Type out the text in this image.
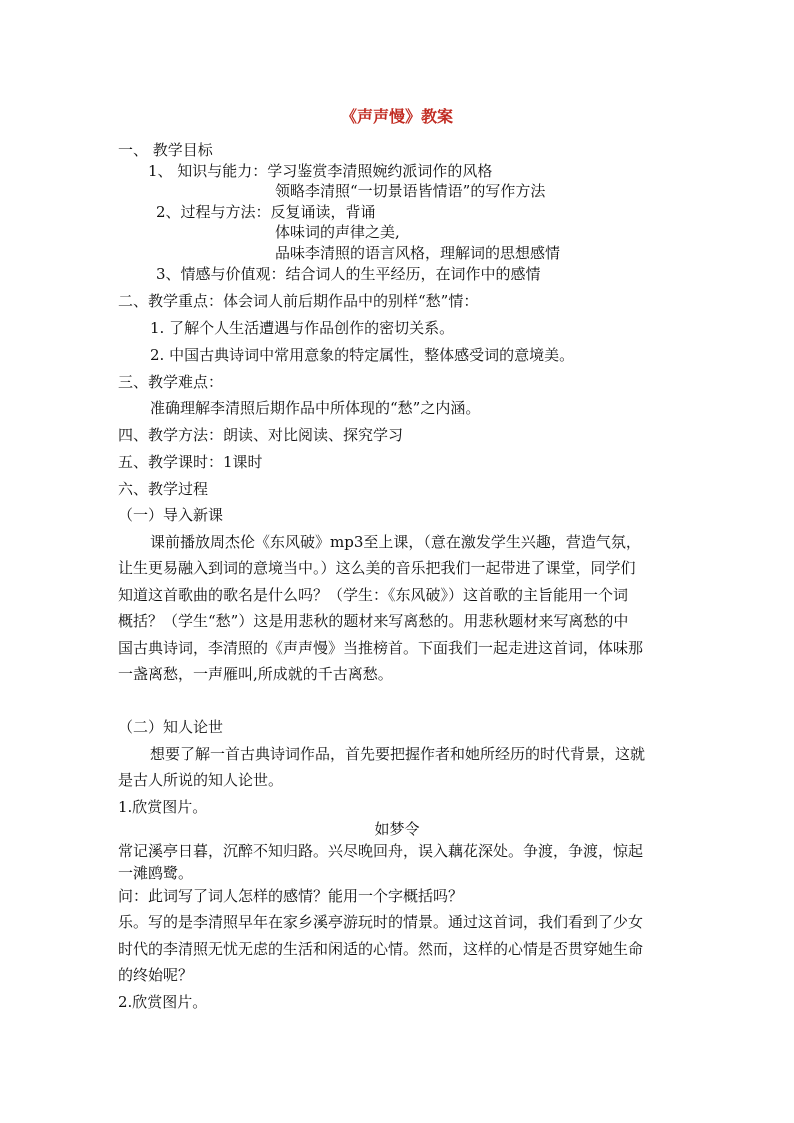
《声声慢》教案
一、 教学目标
1、 知识与能力：学习鉴赏李清照婉约派词作的风格
领略李清照“一切景语皆情语”的写作方法
2、过程与方法：反复诵读，背诵
体味词的声律之美,
品味李清照的语言风格，理解词的思想感情
3、情感与价值观：结合词人的生平经历，在词作中的感情
二、教学重点：体会词人前后期作品中的别样“愁”情：
1. 了解个人生活遭遇与作品创作的密切关系。
2. 中国古典诗词中常用意象的特定属性，整体感受词的意境美。
三、教学难点：
准确理解李清照后期作品中所体现的“愁”之内涵。
四、教学方法：朗读、对比阅读、探究学习
五、教学课时：1课时
六、教学过程
（一）导入新课
课前播放周杰伦《东风破》mp3至上课，（意在激发学生兴趣，营造气氛，
让生更易融入到词的意境当中。）这么美的音乐把我们一起带进了课堂，同学们
知道这首歌曲的歌名是什么吗？（学生：《东风破》）这首歌的主旨能用一个词
概括？（学生“愁”）这是用悲秋的题材来写离愁的。用悲秋题材来写离愁的中
国古典诗词，李清照的《声声慢》当推榜首。下面我们一起走进这首词，体味那
一盏离愁，一声雁叫,所成就的千古离愁。
（二）知人论世
想要了解一首古典诗词作品，首先要把握作者和她所经历的时代背景，这就
是古人所说的知人论世。
1.欣赏图片。
如梦令
常记溪亭日暮，沉醉不知归路。兴尽晚回舟，误入藕花深处。争渡，争渡，惊起
一滩鸥鹭。
问：此词写了词人怎样的感情？能用一个字概括吗？
乐。写的是李清照早年在家乡溪亭游玩时的情景。通过这首词，我们看到了少女
时代的李清照无忧无虑的生活和闲适的心情。然而，这样的心情是否贯穿她生命
的终始呢？
2.欣赏图片。
